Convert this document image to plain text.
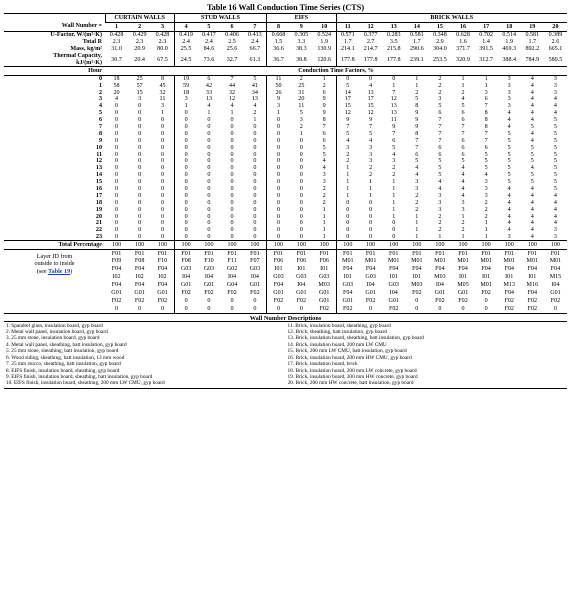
Table 16 Wall Conduction Time Series (CTS)
	CURTAIN WALLS			STUD WALLS				EIFS			BRICK WALLS									
Wall Number =	1	2	3	4	5	6	7	8	9	10	11	12	13	14	15	16	17	18	19	20
U-Factor, W/(m²·K)	0.428	0.429	0.428	0.419	0.417	0.406	0.413	0.668	0.305	0.524	0.571	0.377	0.283	0.581	0.348	0.628	0.702	0.514	0.581	0.389
Total R	2.3	2.3	2.3	2.4	2.4	2.5	2.4	1.5	3.3	1.9	1.7	2.7	3.5	1.7	2.9	1.6	1.4	1.9	1.7	2.6
Mass, kg/m²	31.0	20.9	80.0	25.5	84.6	25.6	66.7	36.6	38.3	130.9	214.1	214.7	215.8	290.6	304.0	371.7	391.5	469.3	892.2	665.1
Thermal Capacity,
kJ/(m²·K)	30.7	20.4	67.5	24.5	73.6	32.7	61.3	36.7	38.8	120.6	177.8	177.8	177.8	239.1	253.5	320.9	312.7	388.4	784.9	580.5
Hour	Conduction Time Factors, %																			
0	18	25	8	19	6	7	5	11	2	1	0	0	0	1	2	1	1	3	4	3
1	58	57	45	59	42	44	41	50	25	2	5	4	1	1	2	1	1	3	4	3
2	20	15	32	18	33	32	34	26	31	6	14	13	7	2	2	2	3	3	4	3
3	4	3	11	3	13	12	13	9	20	9	17	17	12	5	3	4	6	3	4	4
4	0	0	3	1	4	4	4	3	11	9	15	15	13	8	5	5	7	3	4	4
5	0	0	1	0	1	1	2	1	5	9	12	12	13	9	6	6	8	4	4	4
6	0	0	0	0	0	0	1	0	3	8	9	9	11	9	7	6	8	4	4	5
7	0	0	0	0	0	0	0	0	2	7	7	7	9	9	7	7	8	4	5	5
8	0	0	0	0	0	0	0	0	1	6	5	5	7	8	7	7	7	5	4	5
9	0	0	0	0	0	0	0	0	0	6	4	4	6	7	7	6	7	5	4	5
10	0	0	0	0	0	0	0	0	0	5	3	3	5	7	6	6	6	5	5	5
11	0	0	0	0	0	0	0	0	0	5	2	3	4	6	6	6	5	5	5	5
12	0	0	0	0	0	0	0	0	0	4	2	3	3	5	5	5	5	5	5	5
13	0	0	0	0	0	0	0	0	0	4	1	2	2	4	5	4	5	5	4	5
14	0	0	0	0	0	0	0	0	0	3	1	2	2	4	5	4	4	5	5	5
15	0	0	0	0	0	0	0	0	0	3	1	1	1	3	4	4	3	5	5	5
16	0	0	0	0	0	0	0	0	0	2	1	1	1	3	4	4	3	4	4	5
17	0	0	0	0	0	0	0	0	0	2	1	1	1	2	3	4	3	4	4	4
18	0	0	0	0	0	0	0	0	0	2	0	0	1	2	3	3	2	4	4	4
19	0	0	0	0	0	0	0	0	0	1	0	0	1	2	3	3	2	4	4	4
20	0	0	0	0	0	0	0	0	0	1	0	0	1	1	2	1	2	4	4	4
21	0	0	0	0	0	0	0	0	0	1	0	0	0	1	2	2	1	4	4	4
22	0	0	0	0	0	0	0	0	0	1	0	0	0	1	2	2	1	4	4	3
23	0	0	0	0	0	0	0	0	0	1	0	0	0	1	1	1	1	3	4	3
Total Percentage	100	100	100	100	100	100	100	100	100	100	100	100	100	100	100	100	100	100	100	100
Layer ID from
outside to inside
(see Table 19)	F01	F01	F01	F01	F01	F01	F01	F01	F01	F01	F01	F01	F01	F01	F01	F01	F01	F01	F01	F01
	F09	F08	F10	F08	F10	F11	F07	F06	F06	F06	M01	M01	M01	M01	M01	M01	M01	M01	M01	M01
	F04	F04	F04	G03	G03	G02	G03	I01	I01	I01	F04	F04	F04	F04	F04	F04	F04	F04	F04	F04
	I02	I02	I02	I04	I04	I04	I04	G03	G03	G03	I01	G03	I01	I01	M03	I01	I01	I01	I01	M15
	F04	F04	F04	G01	G01	G04	G01	F04	I04	M03	G03	I04	G03	M03	I04	M05	M01	M13	M16	I04
	G01	G01	G01	F02	F02	F02	F02	G01	G01	G01	F04	G01	I04	F02	G01	G01	F02	F04	F04	G01
	F02	F02	F02	0	0	0	0	F02	F02	G01	G01	F02	G01	0	F02	F02	0	F02	F02	F02
	0	0	0	0	0	0	0	0	0	F02	F02	0	F02	0	0	0	0	F02	F02	0
Wall Number Descriptions
1. Spandrel glass, insulation board, gyp board
2. Metal wall panel, insulation board, gyp board
3. 25 mm stone, insulation board, gyp board
4. Metal wall panel, sheathing, batt insulation, gyp board
5. 25 mm stone, sheathing, batt insulation, gyp board
6. Wood siding, sheathing, batt insulation, 13 mm wood
7. 25 mm stucco, sheathing, batt insulation, gyp board
8. EIFS finish, insulation board, sheathing, gyp board
9. EIFS finish, insulation board, sheathing, batt insulation, gyp board
10. EIFS finish, insulation board, sheathing, 200 mm LW CMU, gyp board
11. Brick, insulation board, sheathing, gyp board
12. Brick, sheathing, batt insulation, gyp board
13. Brick, insulation board, sheathing, batt insulation, gyp board
14. Brick, insulation board, 200 mm LW CMU
15. Brick, 200 mm LW CMU, batt insulation, gyp board
16. Brick, insulation board, 200 mm HW CMU, gyp board
17. Brick, insulation board, brick
18. Brick, insulation board, 200 mm LW concrete, gyp board
19. Brick, insulation board, 300 mm HW concrete, gyp board
20. Brick, 200 mm HW concrete, batt insulation, gyp board
